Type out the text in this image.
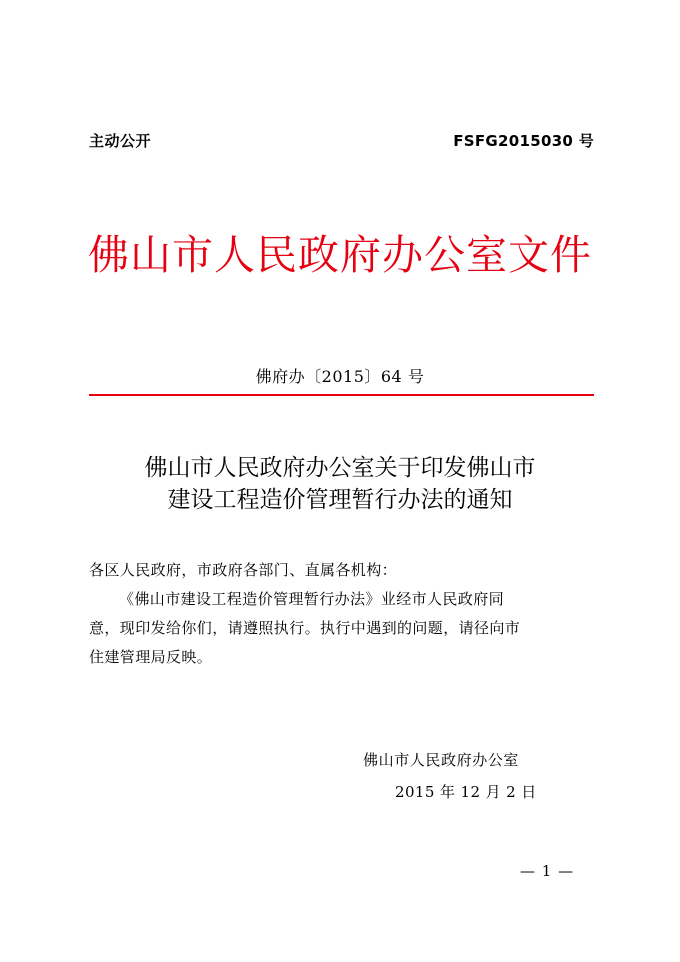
主动公开	FSFG2015030 号
佛山市人民政府办公室文件
佛府办〔2015〕64 号
佛山市人民政府办公室关于印发佛山市
建设工程造价管理暂行办法的通知
各区人民政府，市政府各部门、直属各机构：
《佛山市建设工程造价管理暂行办法》业经市人民政府同
意，现印发给你们，请遵照执行。执行中遇到的问题，请径向市
住建管理局反映。
佛山市人民政府办公室
2015 年 12 月 2 日
— 1 —
